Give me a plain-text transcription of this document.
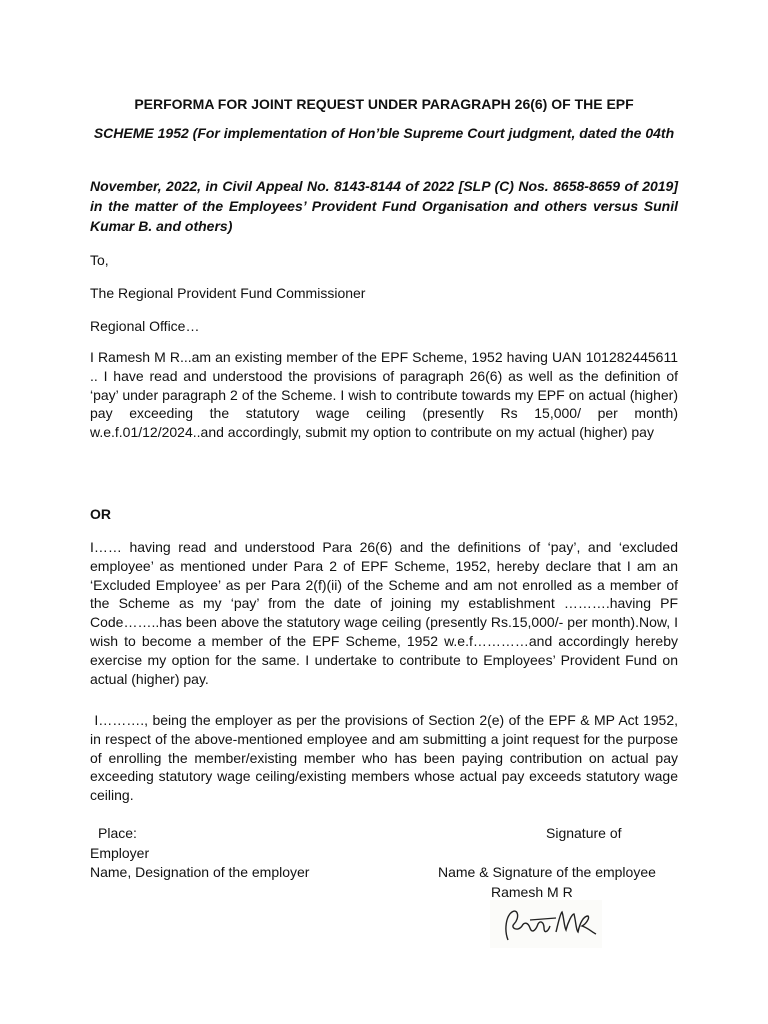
PERFORMA FOR JOINT REQUEST UNDER PARAGRAPH 26(6) OF THE EPF

SCHEME 1952 (For implementation of Hon’ble Supreme Court judgment, dated the 04th

November, 2022, in Civil Appeal No. 8143-8144 of 2022 [SLP (C) Nos. 8658-8659 of 2019] in the matter of the Employees’ Provident Fund Organisation and others versus Sunil Kumar B. and others)

To,

The Regional Provident Fund Commissioner

Regional Office…

I Ramesh M R...am an existing member of the EPF Scheme, 1952 having UAN 101282445611 .. I have read and understood the provisions of paragraph 26(6) as well as the definition of ‘pay’ under paragraph 2 of the Scheme. I wish to contribute towards my EPF on actual (higher) pay exceeding the statutory wage ceiling (presently Rs 15,000/ per month) w.e.f.01/12/2024..and accordingly, submit my option to contribute on my actual (higher) pay

OR

I…… having read and understood Para 26(6) and the definitions of ‘pay’, and ‘excluded employee’ as mentioned under Para 2 of EPF Scheme, 1952, hereby declare that I am an ‘Excluded Employee’ as per Para 2(f)(ii) of the Scheme and am not enrolled as a member of the Scheme as my ‘pay’ from the date of joining my establishment ……….having PF Code……..has been above the statutory wage ceiling (presently Rs.15,000/- per month).Now, I wish to become a member of the EPF Scheme, 1952 w.e.f…………and accordingly hereby exercise my option for the same. I undertake to contribute to Employees’ Provident Fund on actual (higher) pay.

I………., being the employer as per the provisions of Section 2(e) of the EPF & MP Act 1952, in respect of the above-mentioned employee and am submitting a joint request for the purpose of enrolling the member/existing member who has been paying contribution on actual pay exceeding statutory wage ceiling/existing members whose actual pay exceeds statutory wage ceiling.

Place:	Signature of

Employer

Name, Designation of the employer	Name & Signature of the employee

Ramesh M R
